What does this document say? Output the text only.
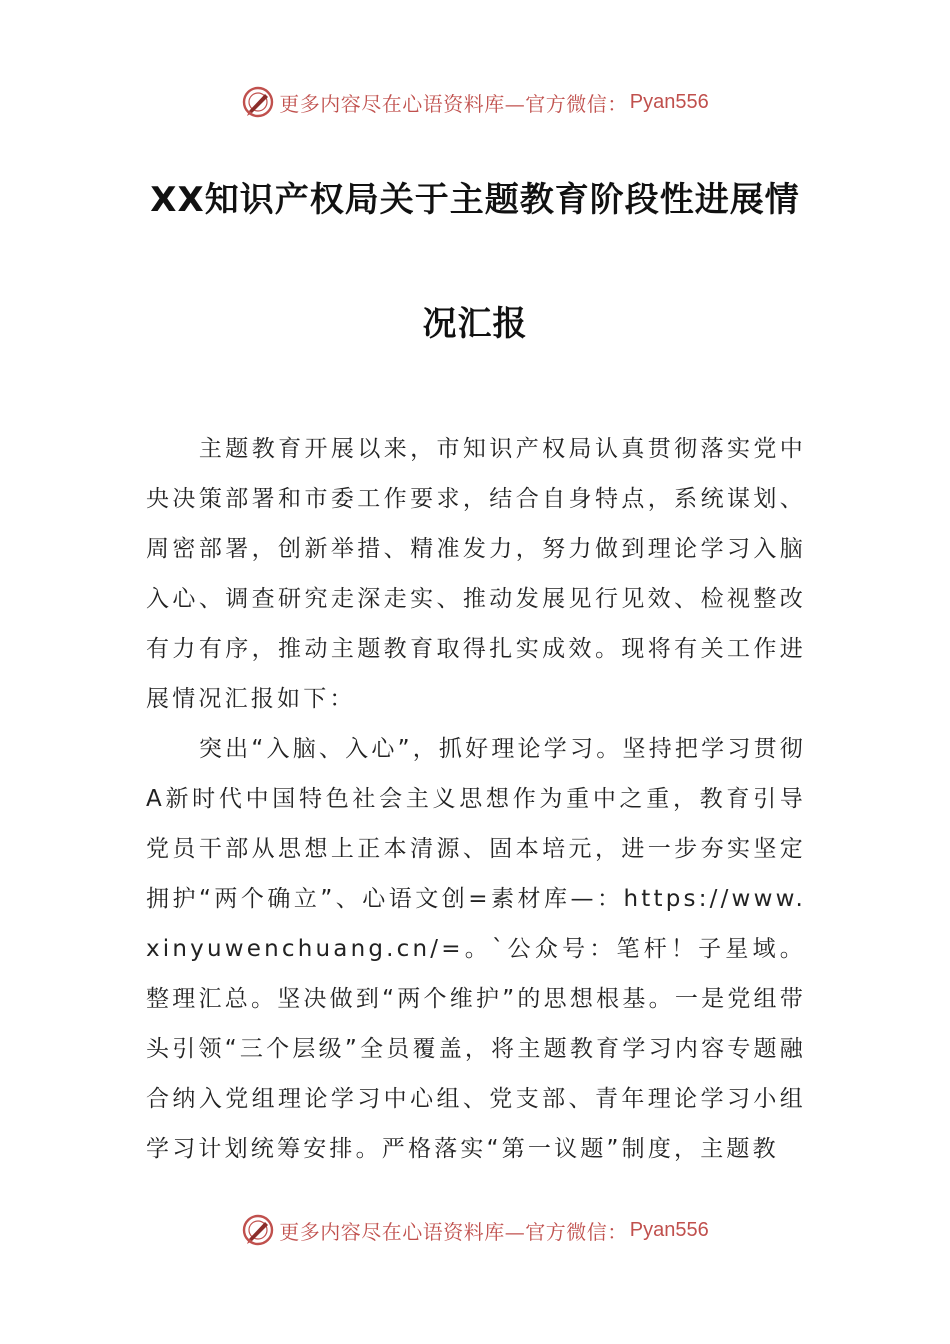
更多内容尽在心语资料库—官方微信： Pyan556
XX知识产权局关于主题教育阶段性进展情
况汇报

主题教育开展以来，市知识产权局认真贯彻落实党中央决策部署和市委工作要求，结合自身特点，系统谋划、周密部署，创新举措、精准发力，努力做到理论学习入脑入心、调查研究走深走实、推动发展见行见效、检视整改有力有序，推动主题教育取得扎实成效。现将有关工作进展情况汇报如下：

突出“入脑、入心”，抓好理论学习。坚持把学习贯彻A新时代中国特色社会主义思想作为重中之重，教育引导党员干部从思想上正本清源、固本培元，进一步夯实坚定拥护“两个确立”、心语文创=素材库—：https://www.xinyuwenchuang.cn/=。`公众号：笔杆！子星域。整理汇总。坚决做到“两个维护”的思想根基。一是党组带头引领“三个层级”全员覆盖，将主题教育学习内容专题融合纳入党组理论学习中心组、党支部、青年理论学习小组学习计划统筹安排。严格落实“第一议题”制度，主题教

更多内容尽在心语资料库—官方微信： Pyan556
